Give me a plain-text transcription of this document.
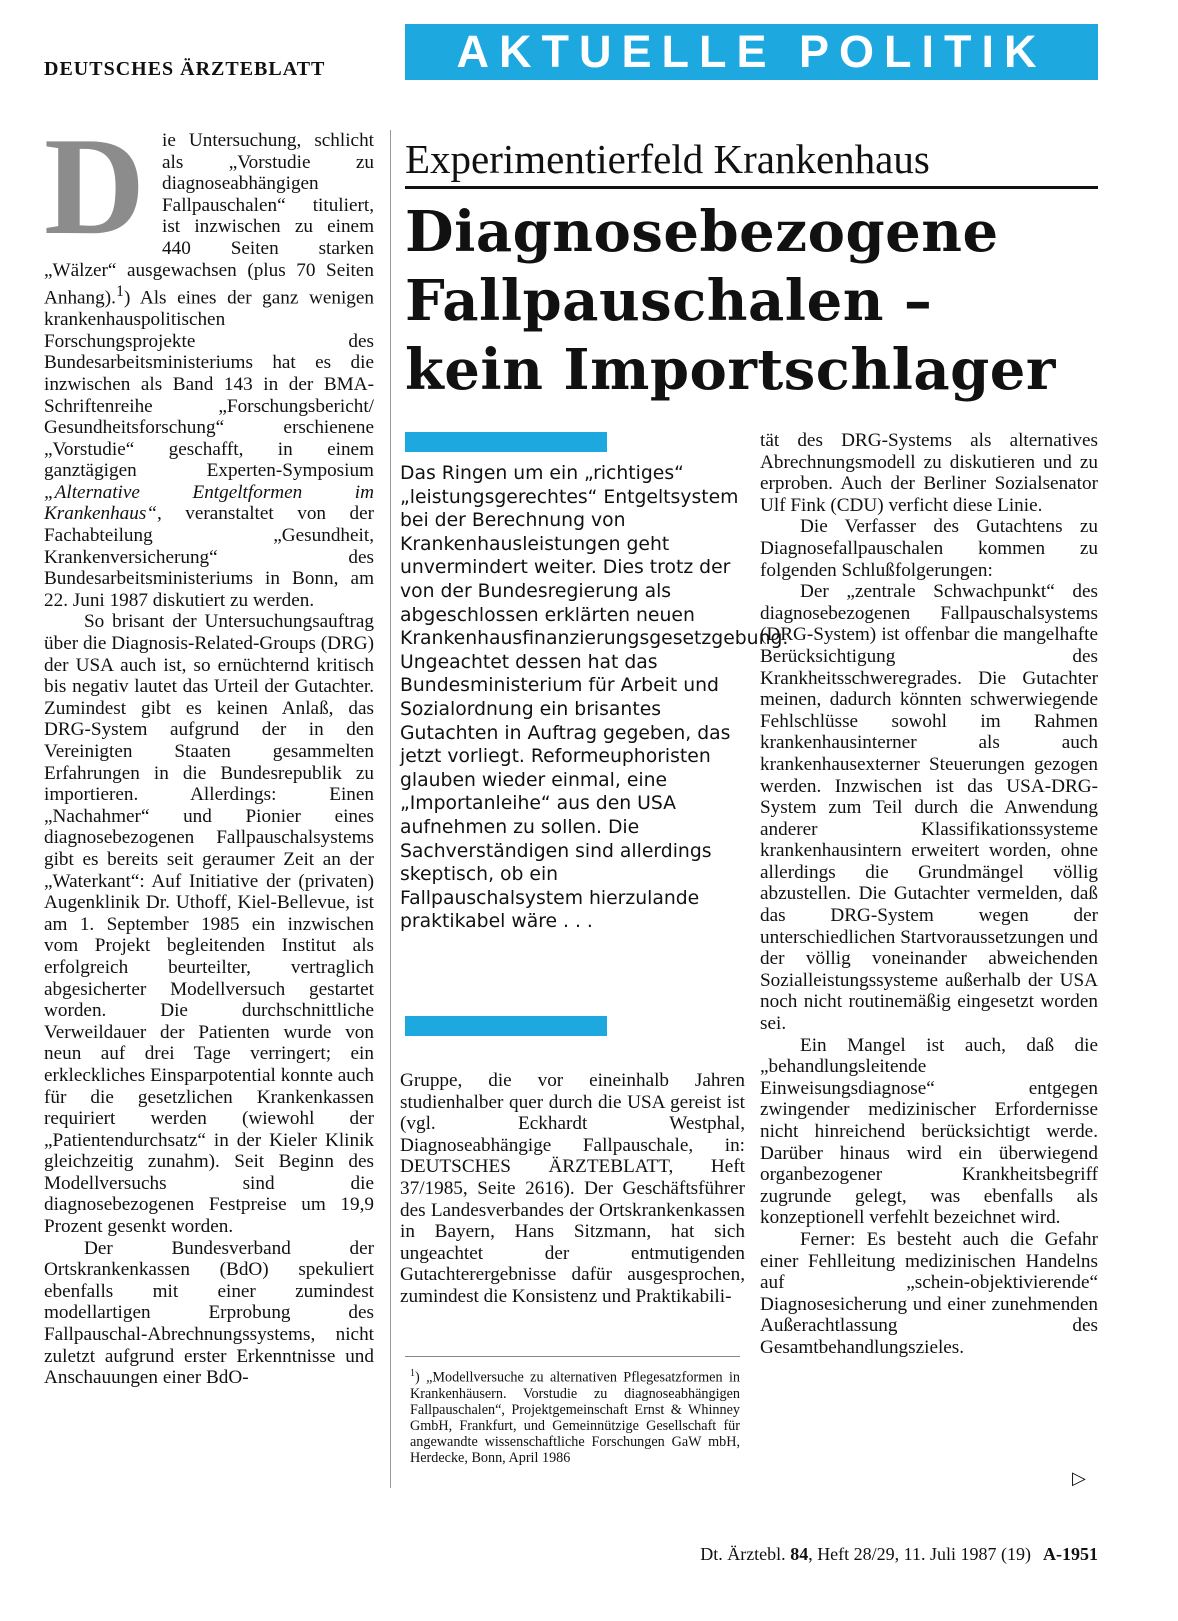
DEUTSCHES ÄRZTEBLATT	AKTUELLE POLITIK

Die Untersuchung, schlicht als „Vorstudie zu diagnoseabhängigen Fallpauschalen“ tituliert, ist inzwischen zu einem 440 Seiten starken „Wälzer“ ausgewachsen (plus 70 Seiten Anhang).$^1$) Als eines der ganz wenigen krankenhauspolitischen Forschungsprojekte des Bundesarbeitsministeriums hat es die inzwischen als Band 143 in der BMA-Schriftenreihe „Forschungsbericht/ Gesundheitsforschung“ erschienene „Vorstudie“ geschafft, in einem ganztägigen Experten-Symposium „Alternative Entgeltformen im Krankenhaus“, veranstaltet von der Fachabteilung „Gesundheit, Krankenversicherung“ des Bundesarbeitsministeriums in Bonn, am 22. Juni 1987 diskutiert zu werden.

So brisant der Untersuchungsauftrag über die Diagnosis-Related-Groups (DRG) der USA auch ist, so ernüchternd kritisch bis negativ lautet das Urteil der Gutachter. Zumindest gibt es keinen Anlaß, das DRG-System aufgrund der in den Vereinigten Staaten gesammelten Erfahrungen in die Bundesrepublik zu importieren. Allerdings: Einen „Nachahmer“ und Pionier eines diagnosebezogenen Fallpauschalsystems gibt es bereits seit geraumer Zeit an der „Waterkant“: Auf Initiative der (privaten) Augenklinik Dr. Uthoff, Kiel-Bellevue, ist am 1. September 1985 ein inzwischen vom Projekt begleitenden Institut als erfolgreich beurteilter, vertraglich abgesicherter Modellversuch gestartet worden. Die durchschnittliche Verweildauer der Patienten wurde von neun auf drei Tage verringert; ein erkleckliches Einsparpotential konnte auch für die gesetzlichen Krankenkassen requiriert werden (wiewohl der „Patientendurchsatz“ in der Kieler Klinik gleichzeitig zunahm). Seit Beginn des Modellversuchs sind die diagnosebezogenen Festpreise um 19,9 Prozent gesenkt worden.

Der Bundesverband der Ortskrankenkassen (BdO) spekuliert ebenfalls mit einer zumindest modellartigen Erprobung des Fallpauschal-Abrechnungssystems, nicht zuletzt aufgrund erster Erkenntnisse und Anschauungen einer BdO-

Experimentierfeld Krankenhaus
Diagnosebezogene
Fallpauschalen –
kein Importschlager
Das Ringen um ein „richtiges“ „leistungsgerechtes“ Entgeltsystem bei der Berechnung von Krankenhausleistungen geht unvermindert weiter. Dies trotz der von der Bundesregierung als abgeschlossen erklärten neuen Krankenhausfinanzierungsgesetzgebung. Ungeachtet dessen hat das Bundesministerium für Arbeit und Sozialordnung ein brisantes Gutachten in Auftrag gegeben, das jetzt vorliegt. Reformeuphoristen glauben wieder einmal, eine „Importanleihe“ aus den USA aufnehmen zu sollen. Die Sachverständigen sind allerdings skeptisch, ob ein Fallpauschalsystem hierzulande praktikabel wäre . . .

Gruppe, die vor eineinhalb Jahren studienhalber quer durch die USA gereist ist (vgl. Eckhardt Westphal, Diagnoseabhängige Fallpauschale, in: DEUTSCHES ÄRZTEBLATT, Heft 37/1985, Seite 2616). Der Geschäftsführer des Landesverbandes der Ortskrankenkassen in Bayern, Hans Sitzmann, hat sich ungeachtet der entmutigenden Gutachterergebnisse dafür ausgesprochen, zumindest die Konsistenz und Praktikabili-

$^1$) „Modellversuche zu alternativen Pflegesatzformen in Krankenhäusern. Vorstudie zu diagnoseabhängigen Fallpauschalen“, Projektgemeinschaft Ernst & Whinney GmbH, Frankfurt, und Gemeinnützige Gesellschaft für angewandte wissenschaftliche Forschungen GaW mbH, Herdecke, Bonn, April 1986

tät des DRG-Systems als alternatives Abrechnungsmodell zu diskutieren und zu erproben. Auch der Berliner Sozialsenator Ulf Fink (CDU) verficht diese Linie.

Die Verfasser des Gutachtens zu Diagnosefallpauschalen kommen zu folgenden Schlußfolgerungen:

Der „zentrale Schwachpunkt“ des diagnosebezogenen Fallpauschalsystems (DRG-System) ist offenbar die mangelhafte Berücksichtigung des Krankheitsschweregrades. Die Gutachter meinen, dadurch könnten schwerwiegende Fehlschlüsse sowohl im Rahmen krankenhausinterner als auch krankenhausexterner Steuerungen gezogen werden. Inzwischen ist das USA-DRG-System zum Teil durch die Anwendung anderer Klassifikationssysteme krankenhausintern erweitert worden, ohne allerdings die Grundmängel völlig abzustellen. Die Gutachter vermelden, daß das DRG-System wegen der unterschiedlichen Startvoraussetzungen und der völlig voneinander abweichenden Sozialleistungssysteme außerhalb der USA noch nicht routinemäßig eingesetzt worden sei.

Ein Mangel ist auch, daß die „behandlungsleitende Einweisungsdiagnose“ entgegen zwingender medizinischer Erfordernisse nicht hinreichend berücksichtigt werde. Darüber hinaus wird ein überwiegend organbezogener Krankheitsbegriff zugrunde gelegt, was ebenfalls als konzeptionell verfehlt bezeichnet wird.

Ferner: Es besteht auch die Gefahr einer Fehlleitung medizinischen Handelns auf „schein-objektivierende“ Diagnosesicherung und einer zunehmenden Außerachtlassung des Gesamtbehandlungszieles.

▷
Dt. Ärztebl. 84, Heft 28/29, 11. Juli 1987 (19) A-1951
